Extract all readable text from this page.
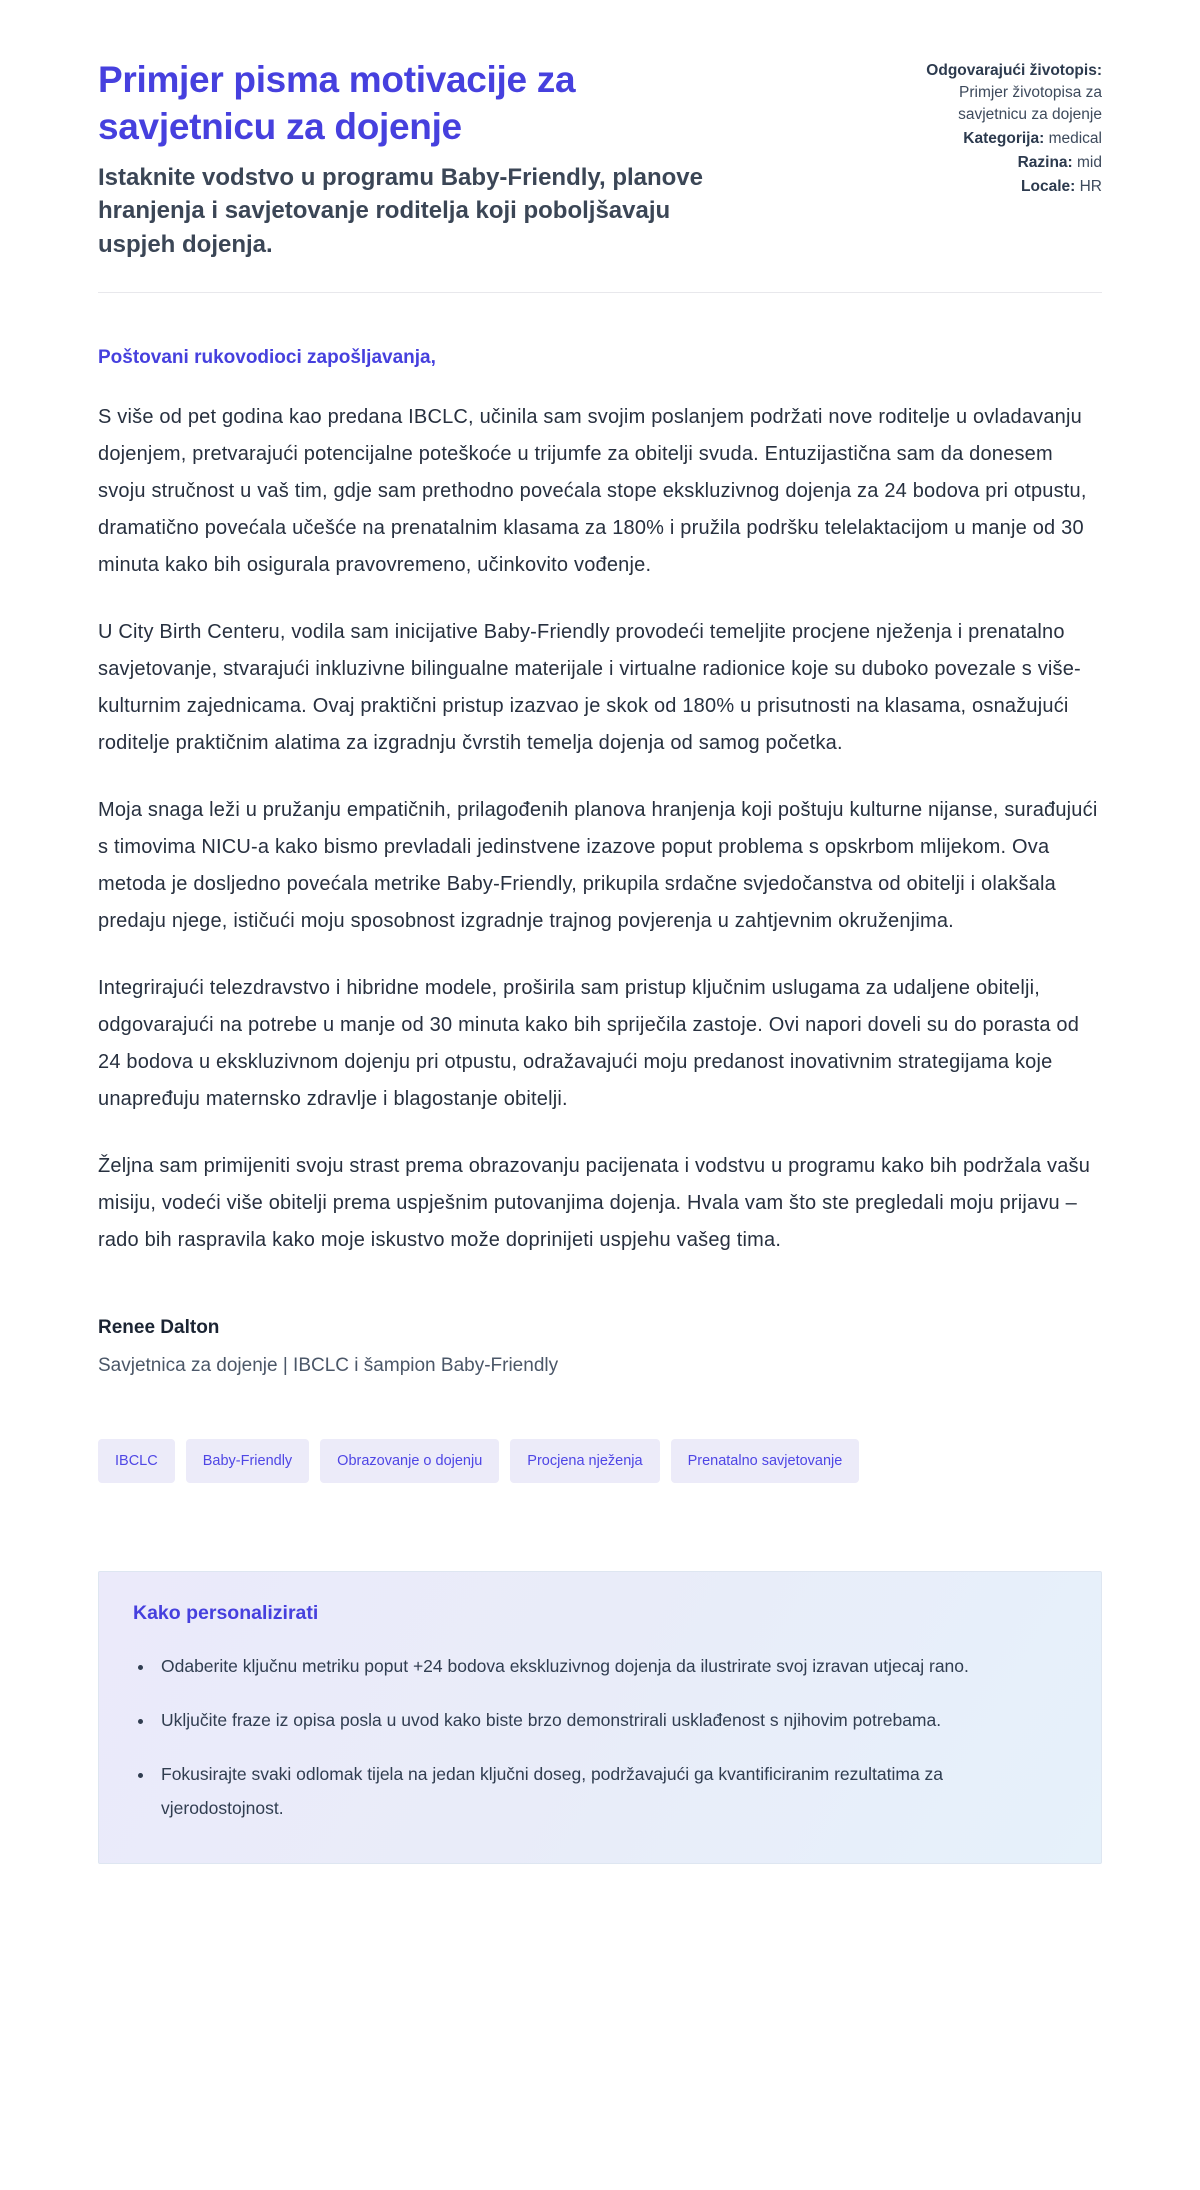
Primjer pisma motivacije za savjetnicu za dojenje

Istaknite vodstvo u programu Baby-Friendly, planove hranjenja i savjetovanje roditelja koji poboljšavaju uspjeh dojenja.

Odgovarajući životopis: Primjer životopisa za savjetnicu za dojenje
Kategorija: medical
Razina: mid
Locale: HR
Poštovani rukovodioci zapošljavanja,

S više od pet godina kao predana IBCLC, učinila sam svojim poslanjem podržati nove roditelje u ovladavanju dojenjem, pretvarajući potencijalne poteškoće u trijumfe za obitelji svuda. Entuzijastična sam da donesem svoju stručnost u vaš tim, gdje sam prethodno povećala stope ekskluzivnog dojenja za 24 bodova pri otpustu, dramatično povećala učešće na prenatalnim klasama za 180% i pružila podršku telelaktacijom u manje od 30 minuta kako bih osigurala pravovremeno, učinkovito vođenje.

U City Birth Centeru, vodila sam inicijative Baby-Friendly provodeći temeljite procjene nježenja i prenatalno savjetovanje, stvarajući inkluzivne bilingualne materijale i virtualne radionice koje su duboko povezale s više-kulturnim zajednicama. Ovaj praktični pristup izazvao je skok od 180% u prisutnosti na klasama, osnažujući roditelje praktičnim alatima za izgradnju čvrstih temelja dojenja od samog početka.

Moja snaga leži u pružanju empatičnih, prilagođenih planova hranjenja koji poštuju kulturne nijanse, surađujući s timovima NICU-a kako bismo prevladali jedinstvene izazove poput problema s opskrbom mlijekom. Ova metoda je dosljedno povećala metrike Baby-Friendly, prikupila srdačne svjedočanstva od obitelji i olakšala predaju njege, ističući moju sposobnost izgradnje trajnog povjerenja u zahtjevnim okruženjima.

Integrirajući telezdravstvo i hibridne modele, proširila sam pristup ključnim uslugama za udaljene obitelji, odgovarajući na potrebe u manje od 30 minuta kako bih spriječila zastoje. Ovi napori doveli su do porasta od 24 bodova u ekskluzivnom dojenju pri otpustu, odražavajući moju predanost inovativnim strategijama koje unapređuju maternsko zdravlje i blagostanje obitelji.

Željna sam primijeniti svoju strast prema obrazovanju pacijenata i vodstvu u programu kako bih podržala vašu misiju, vodeći više obitelji prema uspješnim putovanjima dojenja. Hvala vam što ste pregledali moju prijavu – rado bih raspravila kako moje iskustvo može doprinijeti uspjehu vašeg tima.

Renee Dalton
Savjetnica za dojenje | IBCLC i šampion Baby-Friendly
IBCLC	Baby-Friendly	Obrazovanje o dojenju	Procjena nježenja	Prenatalno savjetovanje
Kako personalizirati
• Odaberite ključnu metriku poput +24 bodova ekskluzivnog dojenja da ilustrirate svoj izravan utjecaj rano.
• Uključite fraze iz opisa posla u uvod kako biste brzo demonstrirali usklađenost s njihovim potrebama.
• Fokusirajte svaki odlomak tijela na jedan ključni doseg, podržavajući ga kvantificiranim rezultatima za vjerodostojnost.
